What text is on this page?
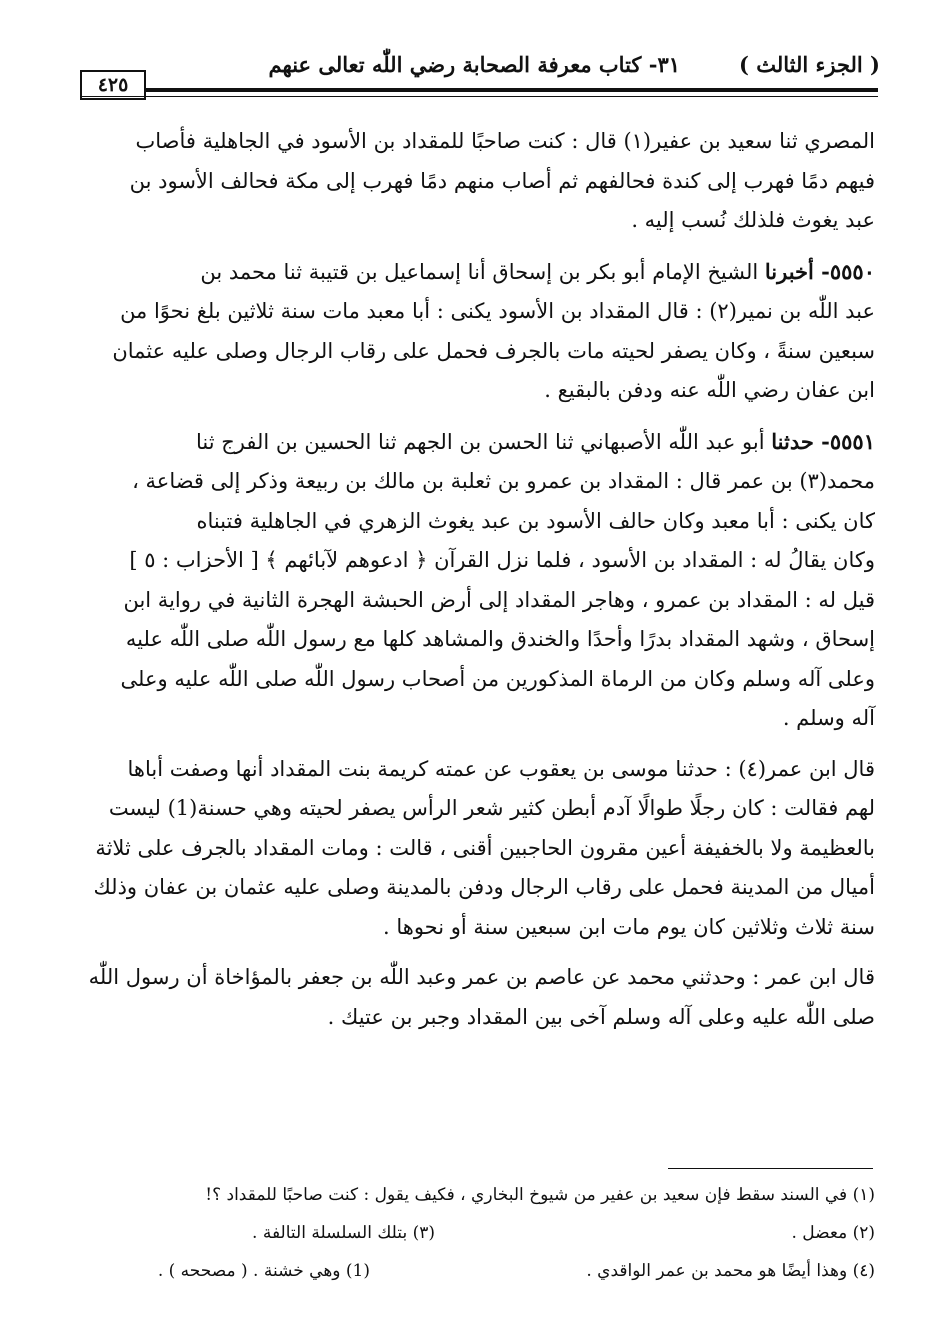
( الجزء الثالث )
٣١- كتاب معرفة الصحابة رضي اللّٰه تعالى عنهم
٤٢٥

المصري ثنا سعيد بن عفير(١) قال : كنت صاحبًا للمقداد بن الأسود في الجاهلية فأصاب

فيهم دمًا فهرب إلى كندة فحالفهم ثم أصاب منهم دمًا فهرب إلى مكة فحالف الأسود بن

عبد يغوث فلذلك نُسب إليه .

٥٥٥٠- أخبرنا الشيخ الإمام أبو بكر بن إسحاق أنا إسماعيل بن قتيبة ثنا محمد بن

عبد اللّٰه بن نمير(٢) : قال المقداد بن الأسود يكنى : أبا معبد مات سنة ثلاثين بلغ نحوًا من

سبعين سنةً ، وكان يصفر لحيته مات بالجرف فحمل على رقاب الرجال وصلى عليه عثمان

ابن عفان رضي اللّٰه عنه ودفن بالبقيع .

٥٥٥١- حدثنا أبو عبد اللّٰه الأصبهاني ثنا الحسن بن الجهم ثنا الحسين بن الفرج ثنا

محمد(٣) بن عمر قال : المقداد بن عمرو بن ثعلبة بن مالك بن ربيعة وذكر إلى قضاعة ،

كان يكنى : أبا معبد وكان حالف الأسود بن عبد يغوث الزهري في الجاهلية فتبناه

وكان يقالُ له : المقداد بن الأسود ، فلما نزل القرآن ﴿ ادعوهم لآبائهم ﴾ [ الأحزاب : ٥ ]

قيل له : المقداد بن عمرو ، وهاجر المقداد إلى أرض الحبشة الهجرة الثانية في رواية ابن

إسحاق ، وشهد المقداد بدرًا وأحدًا والخندق والمشاهد كلها مع رسول اللّٰه صلى اللّٰه عليه

وعلى آله وسلم وكان من الرماة المذكورين من أصحاب رسول اللّٰه صلى اللّٰه عليه وعلى

آله وسلم .

قال ابن عمر(٤) : حدثنا موسى بن يعقوب عن عمته كريمة بنت المقداد أنها وصفت أباها

لهم فقالت : كان رجلًا طوالًا آدم أبطن كثير شعر الرأس يصفر لحيته وهي حسنة(1) ليست

بالعظيمة ولا بالخفيفة أعين مقرون الحاجبين أقنى ، قالت : ومات المقداد بالجرف على ثلاثة

أميال من المدينة فحمل على رقاب الرجال ودفن بالمدينة وصلى عليه عثمان بن عفان وذلك

سنة ثلاث وثلاثين كان يوم مات ابن سبعين سنة أو نحوها .

قال ابن عمر : وحدثني محمد عن عاصم بن عمر وعبد اللّٰه بن جعفر بالمؤاخاة أن رسول اللّٰه

صلى اللّٰه عليه وعلى آله وسلم آخى بين المقداد وجبر بن عتيك .

(١) في السند سقط فإن سعيد بن عفير من شيوخ البخاري ، فكيف يقول : كنت صاحبًا للمقداد ؟!
(٢) معضل .
(٣) بتلك السلسلة التالفة .
(٤) وهذا أيضًا هو محمد بن عمر الواقدي .
(1) وهي خشنة . ( مصححه ) .
